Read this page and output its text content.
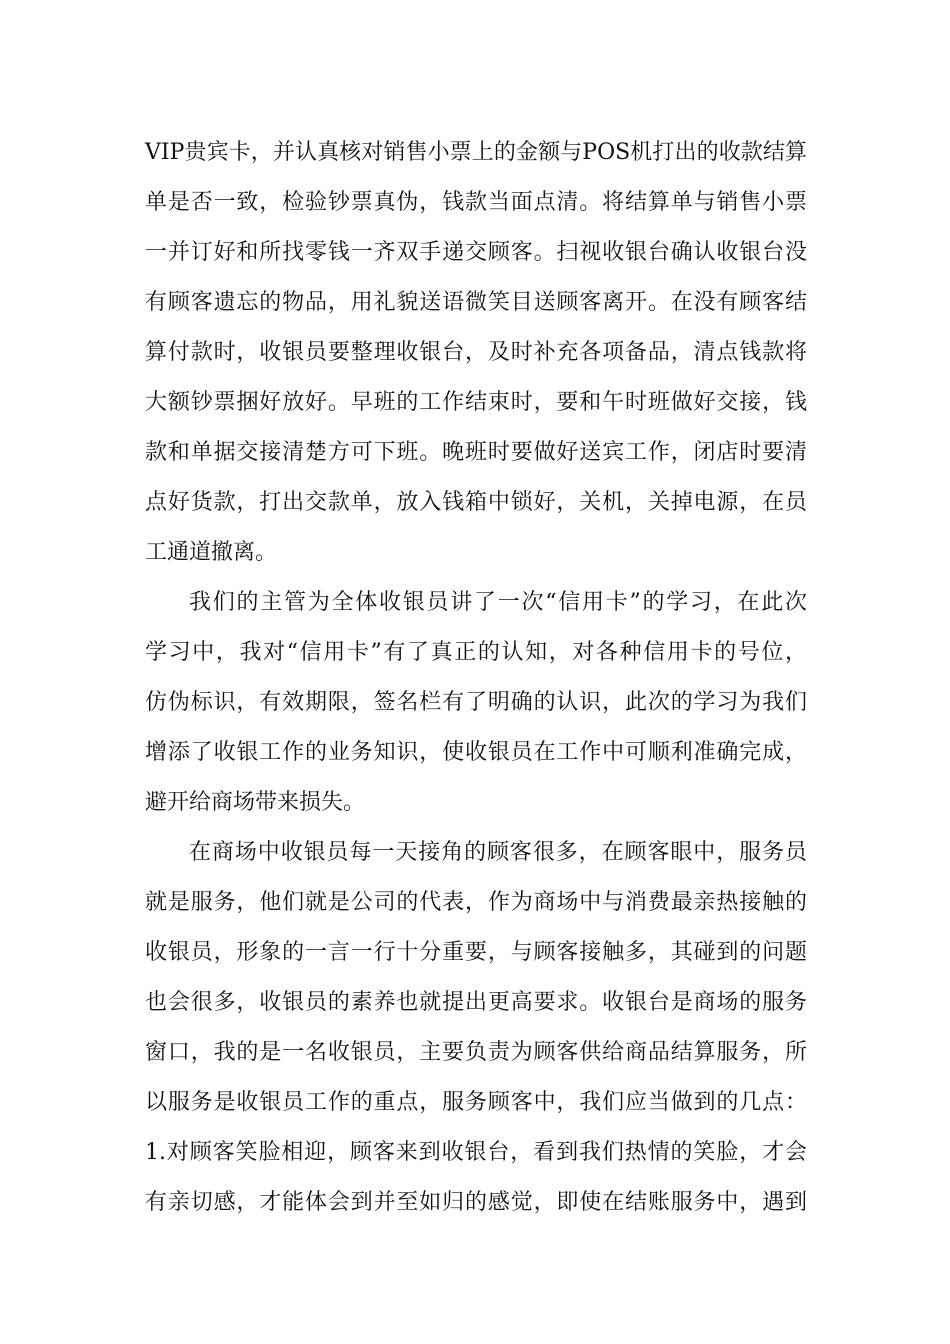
VIP贵宾卡，并认真核对销售小票上的金额与POS机打出的收款结算
单是否一致，检验钞票真伪，钱款当面点清。将结算单与销售小票
一并订好和所找零钱一齐双手递交顾客。扫视收银台确认收银台没
有顾客遗忘的物品，用礼貌送语微笑目送顾客离开。在没有顾客结
算付款时，收银员要整理收银台，及时补充各项备品，清点钱款将
大额钞票捆好放好。早班的工作结束时，要和午时班做好交接，钱
款和单据交接清楚方可下班。晚班时要做好送宾工作，闭店时要清
点好货款，打出交款单，放入钱箱中锁好，关机，关掉电源，在员
工通道撤离。
我们的主管为全体收银员讲了一次“信用卡”的学习，在此次
学习中，我对“信用卡”有了真正的认知，对各种信用卡的号位，
仿伪标识，有效期限，签名栏有了明确的认识，此次的学习为我们
增添了收银工作的业务知识，使收银员在工作中可顺利准确完成，
避开给商场带来损失。
在商场中收银员每一天接角的顾客很多，在顾客眼中，服务员
就是服务，他们就是公司的代表，作为商场中与消费最亲热接触的
收银员，形象的一言一行十分重要，与顾客接触多，其碰到的问题
也会很多，收银员的素养也就提出更高要求。收银台是商场的服务
窗口，我的是一名收银员，主要负责为顾客供给商品结算服务，所
以服务是收银员工作的重点，服务顾客中，我们应当做到的几点：
1.对顾客笑脸相迎，顾客来到收银台，看到我们热情的笑脸，才会
有亲切感，才能体会到并至如归的感觉，即使在结账服务中，遇到
